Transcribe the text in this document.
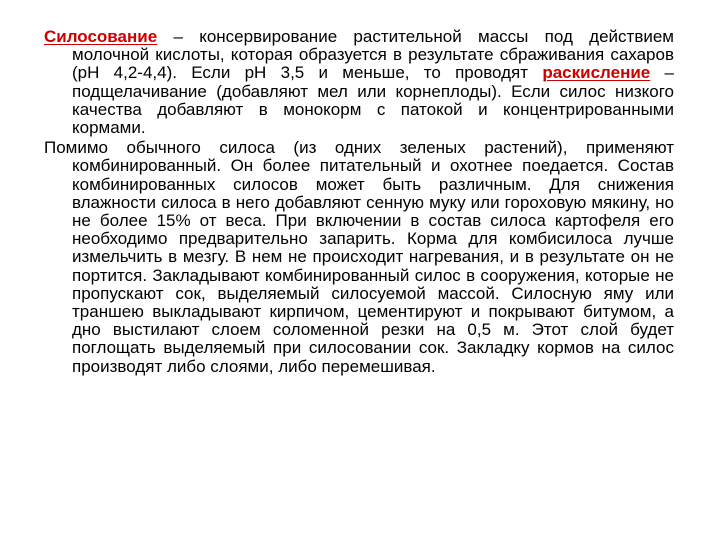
Силосование – консервирование растительной массы под действием молочной кислоты, которая образуется в результате сбраживания сахаров (pH 4,2-4,4). Если pH 3,5 и меньше, то проводят раскисление – подщелачивание (добавляют мел или корнеплоды). Если силос низкого качества добавляют в монокорм с патокой и концентрированными кормами.

Помимо обычного силоса (из одних зеленых растений), применяют комбинированный. Он более питательный и охотнее поедается. Состав комбинированных силосов может быть различным. Для снижения влажности силоса в него добавляют сенную муку или гороховую мякину, но не более 15% от веса. При включении в состав силоса картофеля его необходимо предварительно запарить. Корма для комбисилоса лучше измельчить в мезгу. В нем не происходит нагревания, и в результате он не портится. Закладывают комбинированный силос в сооружения, которые не пропускают сок, выделяемый силосуемой массой. Силосную яму или траншею выкладывают кирпичом, цементируют и покрывают битумом, а дно выстилают слоем соломенной резки на 0,5 м. Этот слой будет поглощать выделяемый при силосовании сок. Закладку кормов на силос производят либо слоями, либо перемешивая.
